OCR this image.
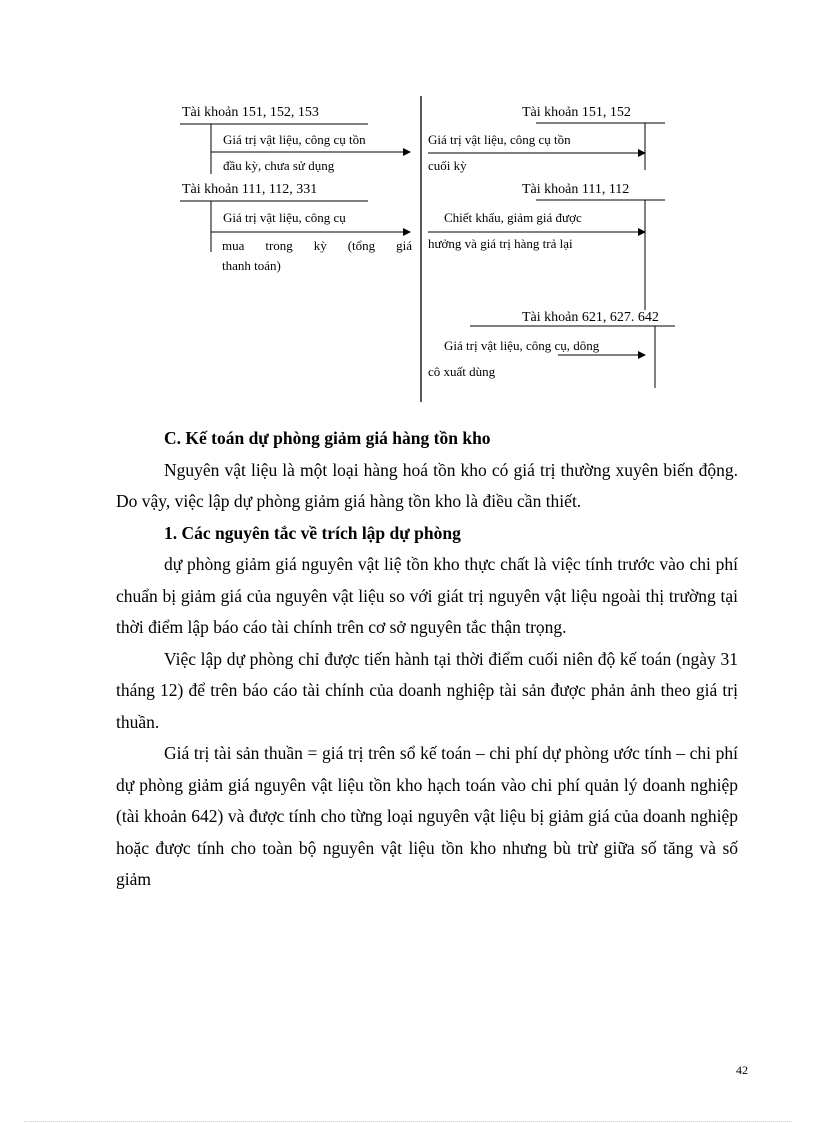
Tài khoản 151, 152, 153
Giá trị vật liệu, công cụ tồn
đầu kỳ, chưa sử dụng
Tài khoản 111, 112, 331
Giá trị vật liệu, công cụ
mua trong kỳ (tổng giá
thanh toán)
Tài khoản 151, 152
Giá trị vật liệu, công cụ tồn
cuối kỳ
Tài khoản 111, 112
Chiết khấu, giảm giá được
hưởng và giá trị hàng trả lại
Tài khoản 621, 627. 642
Giá trị vật liệu, công cụ, dông
cô xuất dùng

C. Kế toán dự phòng giảm giá hàng tồn kho

Nguyên vật liệu là một loại hàng hoá tồn kho có giá trị thường xuyên biến động. Do vậy, việc lập dự phòng giảm giá hàng tồn kho là điều cần thiết.

1. Các nguyên tắc về trích lập dự phòng

dự phòng giảm giá nguyên vật liệ tồn kho thực chất là việc tính trước vào chi phí chuẩn bị giảm giá của nguyên vật liệu so với giát trị nguyên vật liệu ngoài thị trường tại thời điểm lập báo cáo tài chính trên cơ sở nguyên tắc thận trọng.

Việc lập dự phòng chỉ được tiến hành tại thời điểm cuối niên độ kế toán (ngày 31 tháng 12) để trên báo cáo tài chính của doanh nghiệp tài sản được phản ảnh theo giá trị thuần.

Giá trị tài sản thuần = giá trị trên sổ kế toán – chi phí dự phòng ước tính – chi phí dự phòng giảm giá nguyên vật liệu tồn kho hạch toán vào chi phí quản lý doanh nghiệp (tài khoản 642) và được tính cho từng loại nguyên vật liệu bị giảm giá của doanh nghiệp hoặc được tính cho toàn bộ nguyên vật liệu tồn kho nhưng bù trừ giữa số tăng và số giảm

42
